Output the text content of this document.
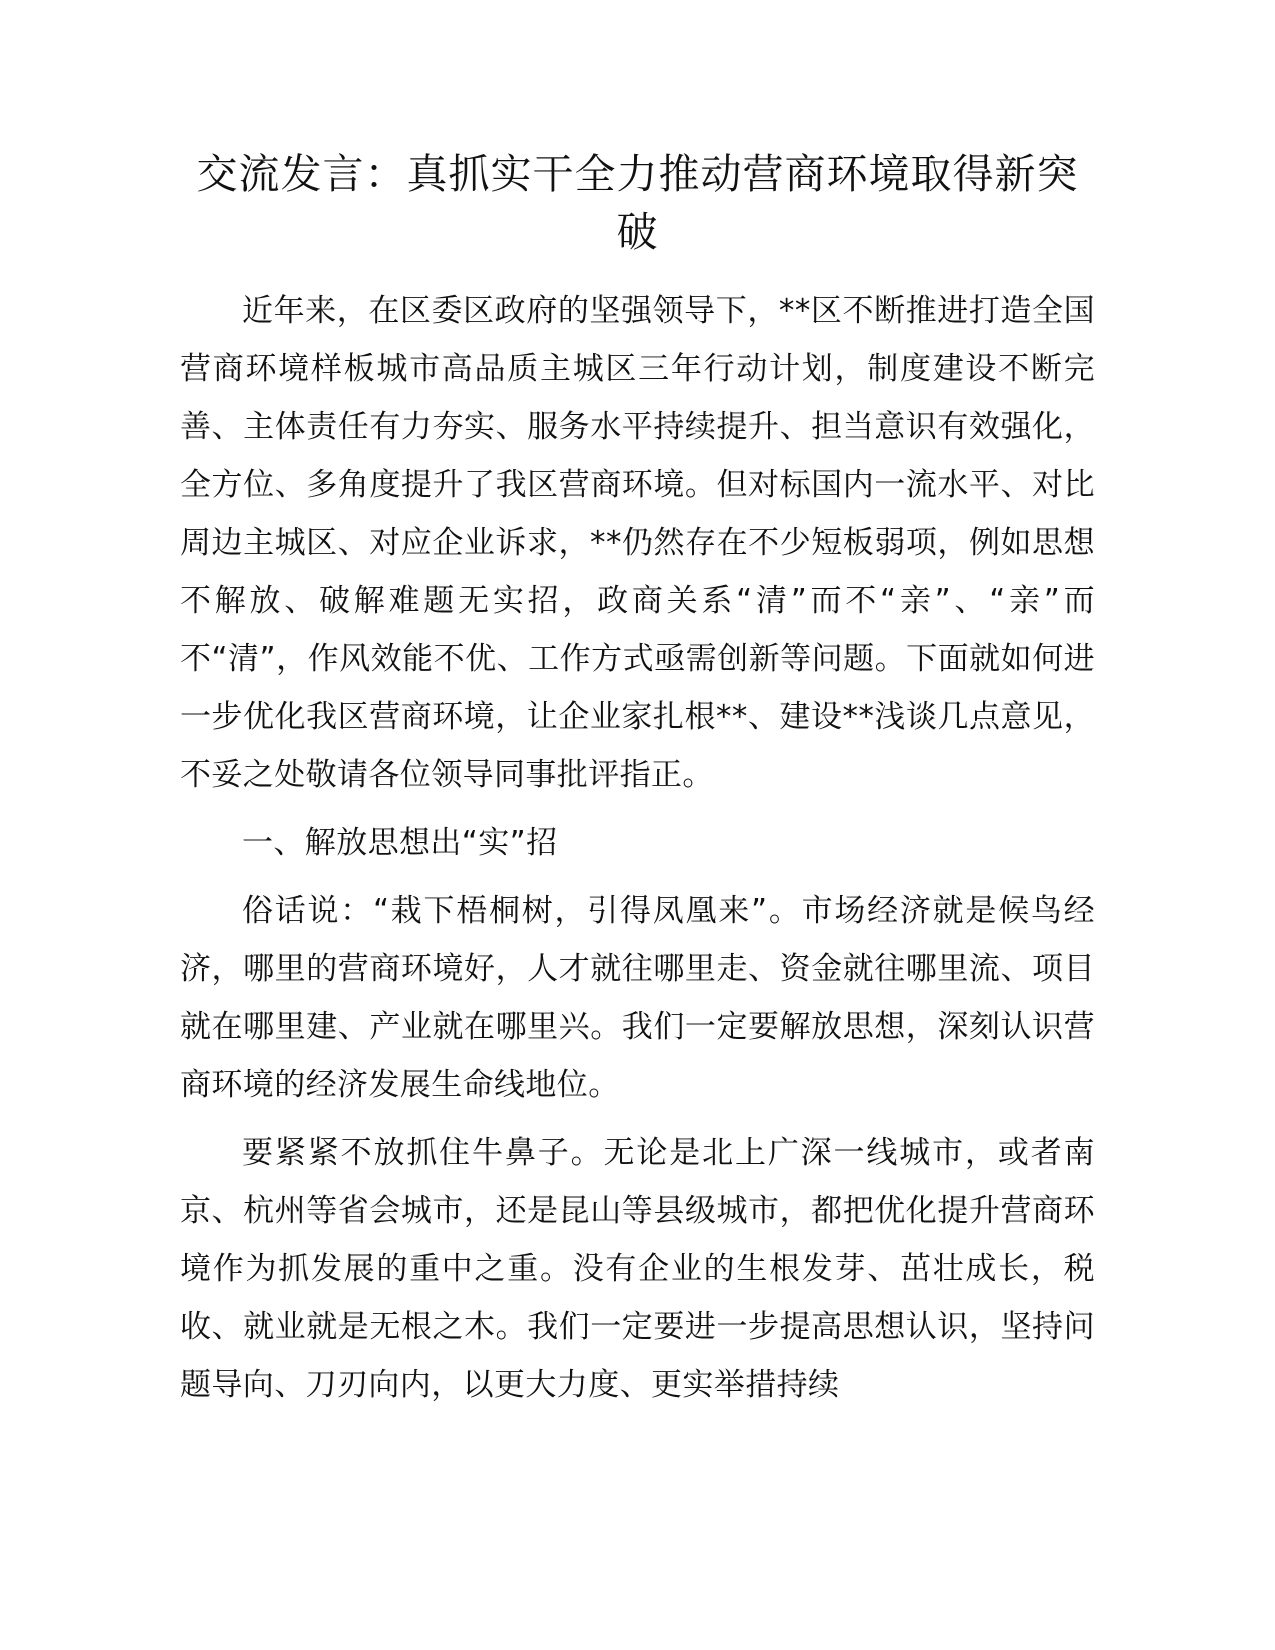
交流发言：真抓实干全力推动营商环境取得新突破

近年来，在区委区政府的坚强领导下，**区不断推进打造全国营商环境样板城市高品质主城区三年行动计划，制度建设不断完善、主体责任有力夯实、服务水平持续提升、担当意识有效强化，全方位、多角度提升了我区营商环境。但对标国内一流水平、对比周边主城区、对应企业诉求，**仍然存在不少短板弱项，例如思想不解放、破解难题无实招，政商关系“清”而不“亲”、“亲”而不“清”，作风效能不优、工作方式亟需创新等问题。下面就如何进一步优化我区营商环境，让企业家扎根**、建设**浅谈几点意见，不妥之处敬请各位领导同事批评指正。

一、解放思想出“实”招

俗话说：“栽下梧桐树，引得凤凰来”。市场经济就是候鸟经济，哪里的营商环境好，人才就往哪里走、资金就往哪里流、项目就在哪里建、产业就在哪里兴。我们一定要解放思想，深刻认识营商环境的经济发展生命线地位。

要紧紧不放抓住牛鼻子。无论是北上广深一线城市，或者南京、杭州等省会城市，还是昆山等县级城市，都把优化提升营商环境作为抓发展的重中之重。没有企业的生根发芽、茁壮成长，税收、就业就是无根之木。我们一定要进一步提高思想认识，坚持问题导向、刀刃向内，以更大力度、更实举措持续
